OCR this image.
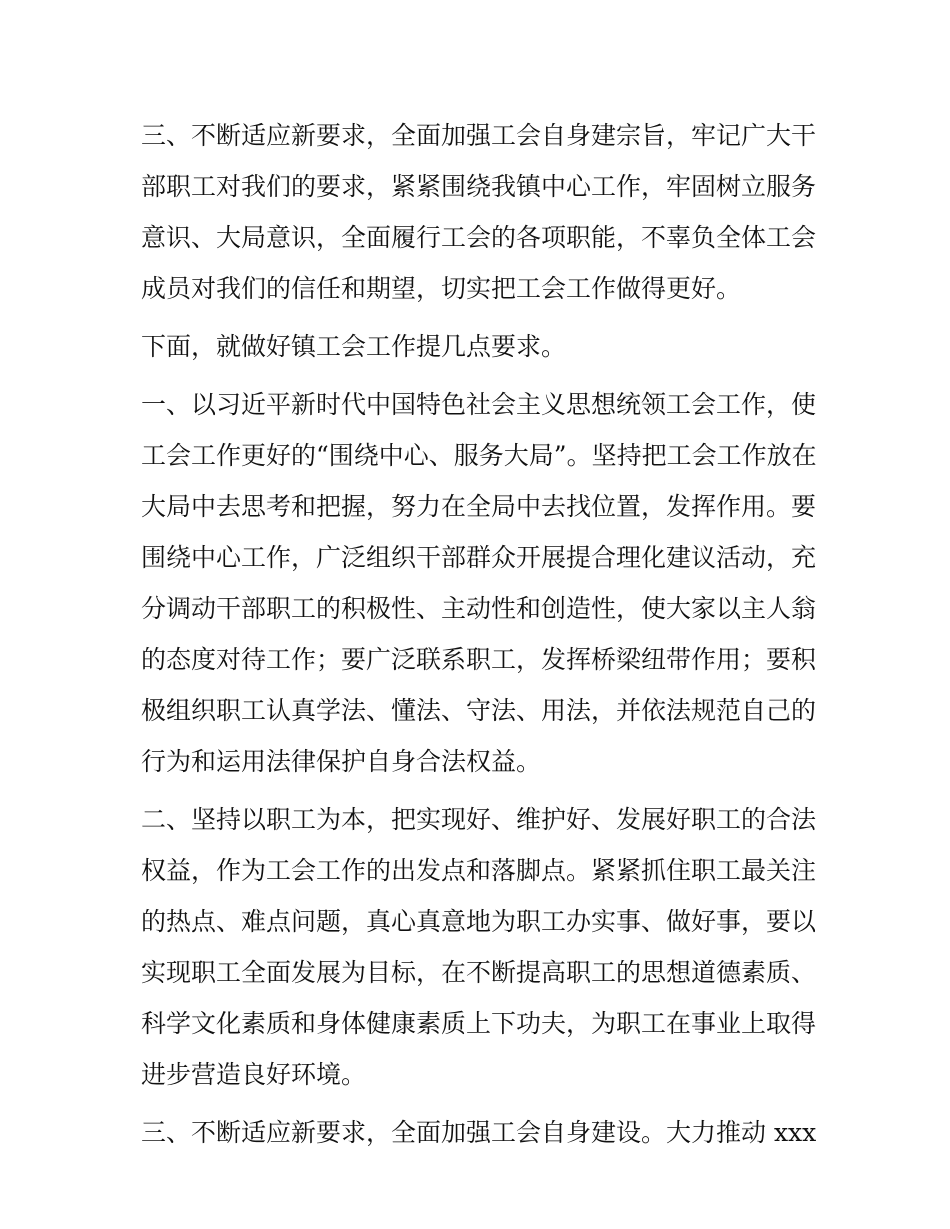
三、不断适应新要求，全面加强工会自身建宗旨，牢记广大干
部职工对我们的要求，紧紧围绕我镇中心工作，牢固树立服务
意识、大局意识，全面履行工会的各项职能，不辜负全体工会
成员对我们的信任和期望，切实把工会工作做得更好。
下面，就做好镇工会工作提几点要求。
一、以习近平新时代中国特色社会主义思想统领工会工作，使
工会工作更好的“围绕中心、服务大局”。坚持把工会工作放在
大局中去思考和把握，努力在全局中去找位置，发挥作用。要
围绕中心工作，广泛组织干部群众开展提合理化建议活动，充
分调动干部职工的积极性、主动性和创造性，使大家以主人翁
的态度对待工作；要广泛联系职工，发挥桥梁纽带作用；要积
极组织职工认真学法、懂法、守法、用法，并依法规范自己的
行为和运用法律保护自身合法权益。
二、坚持以职工为本，把实现好、维护好、发展好职工的合法
权益，作为工会工作的出发点和落脚点。紧紧抓住职工最关注
的热点、难点问题，真心真意地为职工办实事、做好事，要以
实现职工全面发展为目标，在不断提高职工的思想道德素质、
科学文化素质和身体健康素质上下功夫，为职工在事业上取得
进步营造良好环境。
三、不断适应新要求，全面加强工会自身建设。大力推动 xxx
